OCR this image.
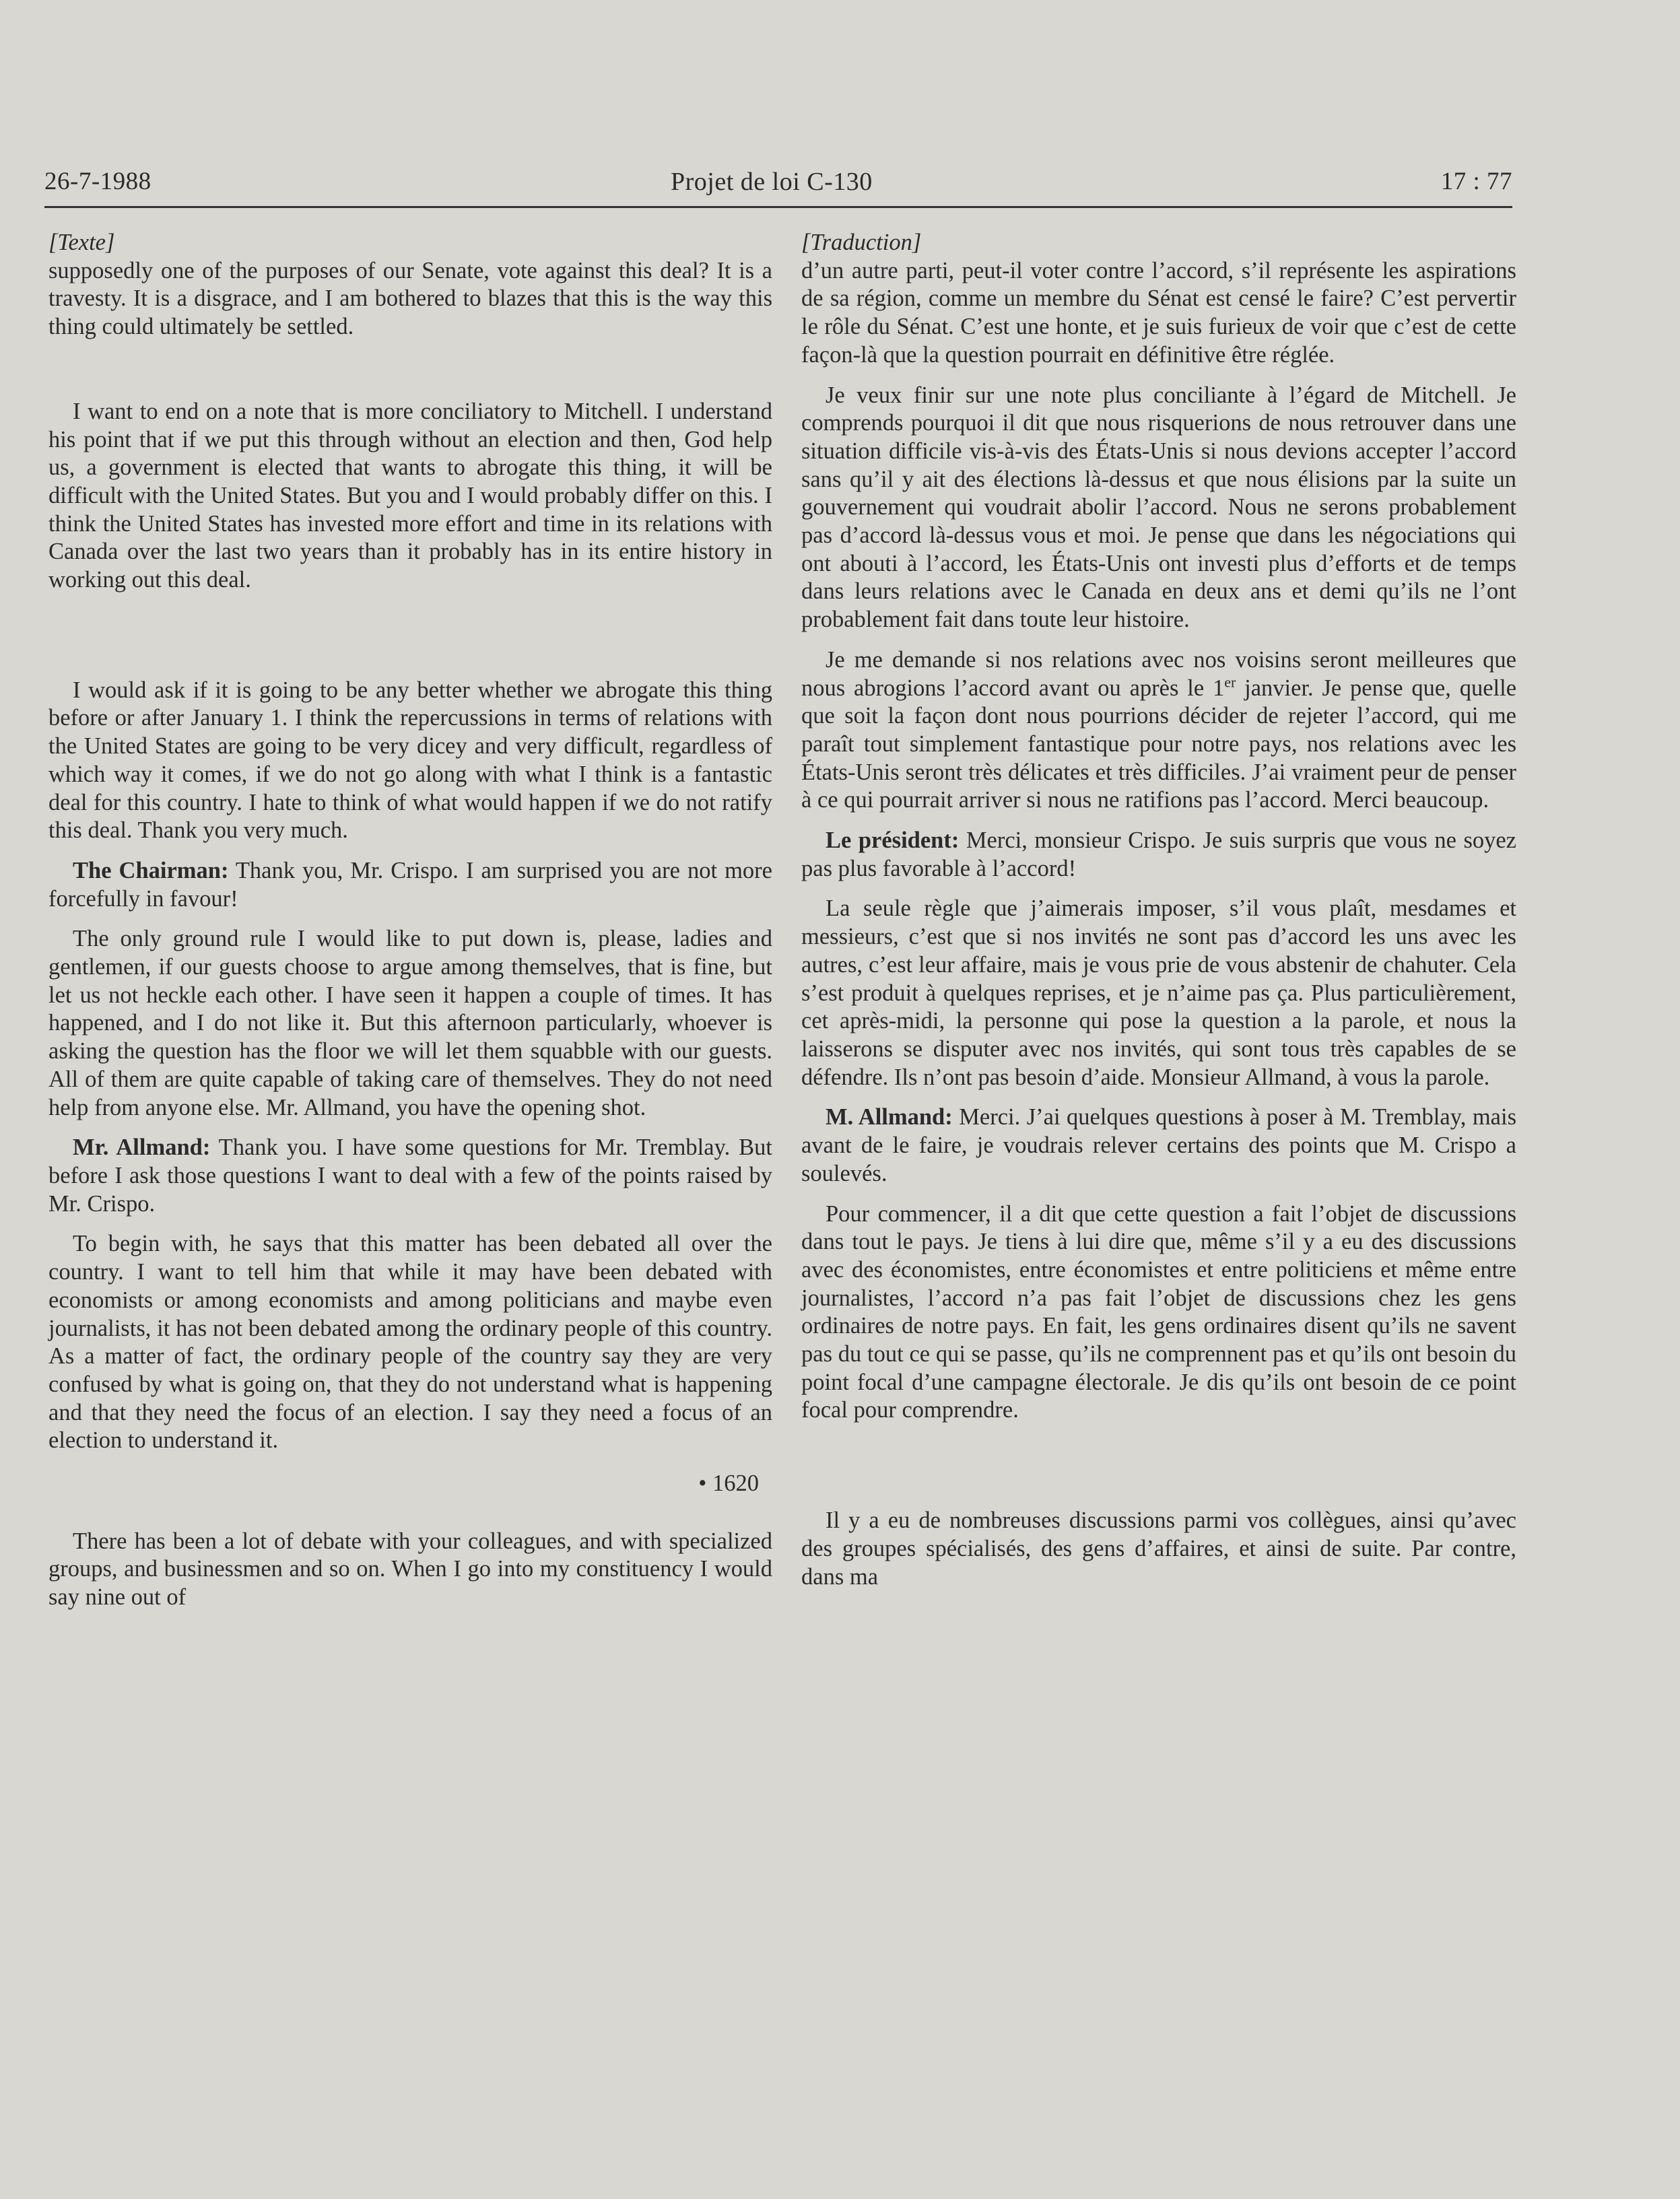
26-7-1988	Projet de loi C-130	17 : 77

[Texte]

supposedly one of the purposes of our Senate, vote against this deal? It is a travesty. It is a disgrace, and I am bothered to blazes that this is the way this thing could ultimately be settled.

I want to end on a note that is more conciliatory to Mitchell. I understand his point that if we put this through without an election and then, God help us, a government is elected that wants to abrogate this thing, it will be difficult with the United States. But you and I would probably differ on this. I think the United States has invested more effort and time in its relations with Canada over the last two years than it probably has in its entire history in working out this deal.

I would ask if it is going to be any better whether we abrogate this thing before or after January 1. I think the repercussions in terms of relations with the United States are going to be very dicey and very difficult, regardless of which way it comes, if we do not go along with what I think is a fantastic deal for this country. I hate to think of what would happen if we do not ratify this deal. Thank you very much.

The Chairman: Thank you, Mr. Crispo. I am surprised you are not more forcefully in favour!

The only ground rule I would like to put down is, please, ladies and gentlemen, if our guests choose to argue among themselves, that is fine, but let us not heckle each other. I have seen it happen a couple of times. It has happened, and I do not like it. But this afternoon particularly, whoever is asking the question has the floor we will let them squabble with our guests. All of them are quite capable of taking care of themselves. They do not need help from anyone else. Mr. Allmand, you have the opening shot.

Mr. Allmand: Thank you. I have some questions for Mr. Tremblay. But before I ask those questions I want to deal with a few of the points raised by Mr. Crispo.

To begin with, he says that this matter has been debated all over the country. I want to tell him that while it may have been debated with economists or among economists and among politicians and maybe even journalists, it has not been debated among the ordinary people of this country. As a matter of fact, the ordinary people of the country say they are very confused by what is going on, that they do not understand what is happening and that they need the focus of an election. I say they need a focus of an election to understand it.

• 1620

There has been a lot of debate with your colleagues, and with specialized groups, and businessmen and so on. When I go into my constituency I would say nine out of

[Traduction]

d’un autre parti, peut-il voter contre l’accord, s’il représente les aspirations de sa région, comme un membre du Sénat est censé le faire? C’est pervertir le rôle du Sénat. C’est une honte, et je suis furieux de voir que c’est de cette façon-là que la question pourrait en définitive être réglée.

Je veux finir sur une note plus conciliante à l’égard de Mitchell. Je comprends pourquoi il dit que nous risquerions de nous retrouver dans une situation difficile vis-à-vis des États-Unis si nous devions accepter l’accord sans qu’il y ait des élections là-dessus et que nous élisions par la suite un gouvernement qui voudrait abolir l’accord. Nous ne serons probablement pas d’accord là-dessus vous et moi. Je pense que dans les négociations qui ont abouti à l’accord, les États-Unis ont investi plus d’efforts et de temps dans leurs relations avec le Canada en deux ans et demi qu’ils ne l’ont probablement fait dans toute leur histoire.

Je me demande si nos relations avec nos voisins seront meilleures que nous abrogions l’accord avant ou après le 1er janvier. Je pense que, quelle que soit la façon dont nous pourrions décider de rejeter l’accord, qui me paraît tout simplement fantastique pour notre pays, nos relations avec les États-Unis seront très délicates et très difficiles. J’ai vraiment peur de penser à ce qui pourrait arriver si nous ne ratifions pas l’accord. Merci beaucoup.

Le président: Merci, monsieur Crispo. Je suis surpris que vous ne soyez pas plus favorable à l’accord!

La seule règle que j’aimerais imposer, s’il vous plaît, mesdames et messieurs, c’est que si nos invités ne sont pas d’accord les uns avec les autres, c’est leur affaire, mais je vous prie de vous abstenir de chahuter. Cela s’est produit à quelques reprises, et je n’aime pas ça. Plus particulièrement, cet après-midi, la personne qui pose la question a la parole, et nous la laisserons se disputer avec nos invités, qui sont tous très capables de se défendre. Ils n’ont pas besoin d’aide. Monsieur Allmand, à vous la parole.

M. Allmand: Merci. J’ai quelques questions à poser à M. Tremblay, mais avant de le faire, je voudrais relever certains des points que M. Crispo a soulevés.

Pour commencer, il a dit que cette question a fait l’objet de discussions dans tout le pays. Je tiens à lui dire que, même s’il y a eu des discussions avec des économistes, entre économistes et entre politiciens et même entre journalistes, l’accord n’a pas fait l’objet de discussions chez les gens ordinaires de notre pays. En fait, les gens ordinaires disent qu’ils ne savent pas du tout ce qui se passe, qu’ils ne comprennent pas et qu’ils ont besoin du point focal d’une campagne électorale. Je dis qu’ils ont besoin de ce point focal pour comprendre.

Il y a eu de nombreuses discussions parmi vos collègues, ainsi qu’avec des groupes spécialisés, des gens d’affaires, et ainsi de suite. Par contre, dans ma
